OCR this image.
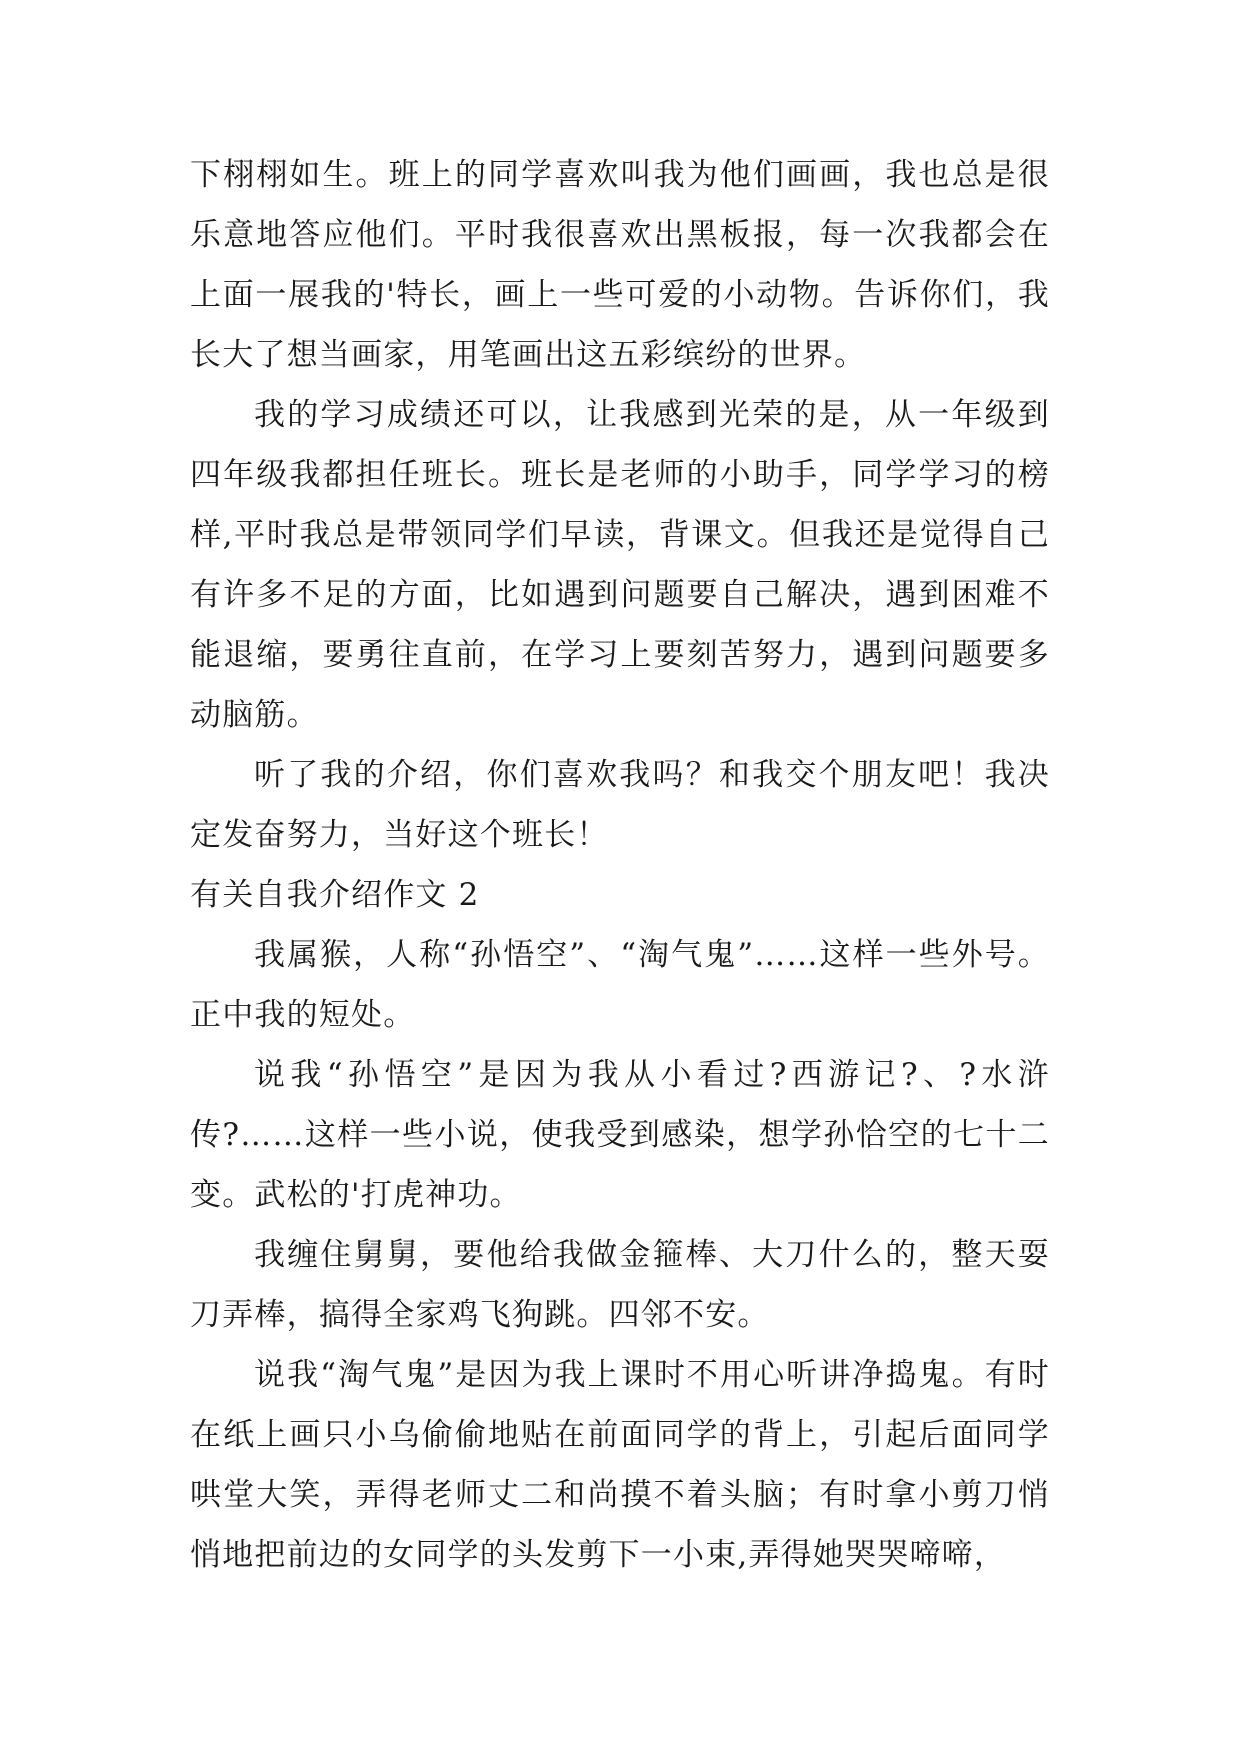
下栩栩如生。班上的同学喜欢叫我为他们画画，我也总是很乐意地答应他们。平时我很喜欢出黑板报，每一次我都会在上面一展我的'特长，画上一些可爱的小动物。告诉你们，我长大了想当画家，用笔画出这五彩缤纷的世界。

我的学习成绩还可以，让我感到光荣的是，从一年级到四年级我都担任班长。班长是老师的小助手，同学学习的榜样,平时我总是带领同学们早读，背课文。但我还是觉得自己有许多不足的方面，比如遇到问题要自己解决，遇到困难不能退缩，要勇往直前，在学习上要刻苦努力，遇到问题要多动脑筋。

听了我的介绍，你们喜欢我吗？和我交个朋友吧！我决定发奋努力，当好这个班长！

有关自我介绍作文 2

我属猴，人称“孙悟空”、“淘气鬼”……这样一些外号。正中我的短处。

说我“孙悟空”是因为我从小看过?西游记?、?水浒传?……这样一些小说，使我受到感染，想学孙恰空的七十二变。武松的'打虎神功。

我缠住舅舅，要他给我做金箍棒、大刀什么的，整天耍刀弄棒，搞得全家鸡飞狗跳。四邻不安。

说我“淘气鬼”是因为我上课时不用心听讲净捣鬼。有时在纸上画只小乌偷偷地贴在前面同学的背上，引起后面同学哄堂大笑，弄得老师丈二和尚摸不着头脑；有时拿小剪刀悄悄地把前边的女同学的头发剪下一小束,弄得她哭哭啼啼，
